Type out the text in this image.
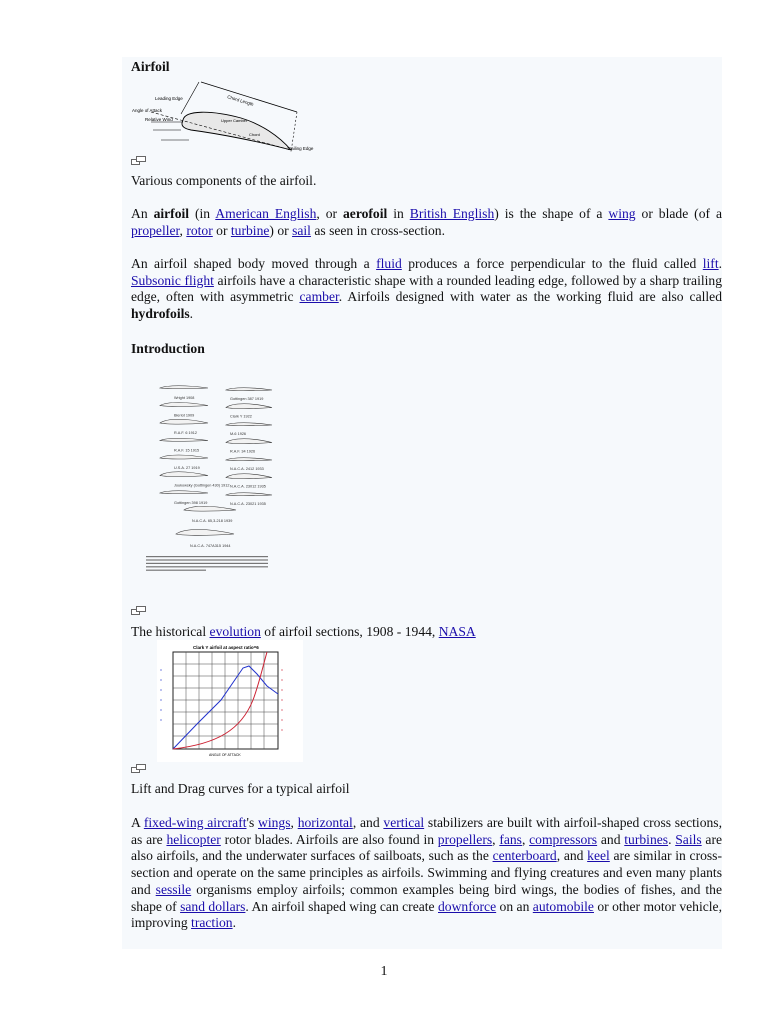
Airfoil
Chord Length
Leading Edge
Angle of Attack
Relative Wind	Upper Camber
Chord
Trailing Edge
Various components of the airfoil.
An airfoil (in American English, or aerofoil in British English) is the shape of a wing or blade (of a propeller, rotor or turbine) or sail as seen in cross-section.
An airfoil shaped body moved through a fluid produces a force perpendicular to the fluid called lift. Subsonic flight airfoils have a characteristic shape with a rounded leading edge, followed by a sharp trailing edge, often with asymmetric camber. Airfoils designed with water as the working fluid are also called hydrofoils.
Introduction
Wright 1908
Bleriot 1909
R.A.F. 6 1912
R.A.F. 15 1915
U.S.A. 27 1919
Joukowsky (Gottingen 430) 1912
Gottingen 398 1919
Gottingen 387 1919
Clark Y 1922
M-6 1926
R.A.F. 34 1926
N.A.C.A. 2412 1933
N.A.C.A. 23012 1935
N.A.C.A. 23021 1935
N.A.C.A. 65,3-218 1939
N.A.C.A. 747A315 1944
The historical evolution of airfoil sections, 1908 - 1944, NASA
Clark Y airfoil at aspect ratio=6
ANGLE OF ATTACK
Lift and Drag curves for a typical airfoil
A fixed-wing aircraft's wings, horizontal, and vertical stabilizers are built with airfoil-shaped cross sections, as are helicopter rotor blades. Airfoils are also found in propellers, fans, compressors and turbines. Sails are also airfoils, and the underwater surfaces of sailboats, such as the centerboard, and keel are similar in cross-section and operate on the same principles as airfoils. Swimming and flying creatures and even many plants and sessile organisms employ airfoils; common examples being bird wings, the bodies of fishes, and the shape of sand dollars. An airfoil shaped wing can create downforce on an automobile or other motor vehicle, improving traction.
1
